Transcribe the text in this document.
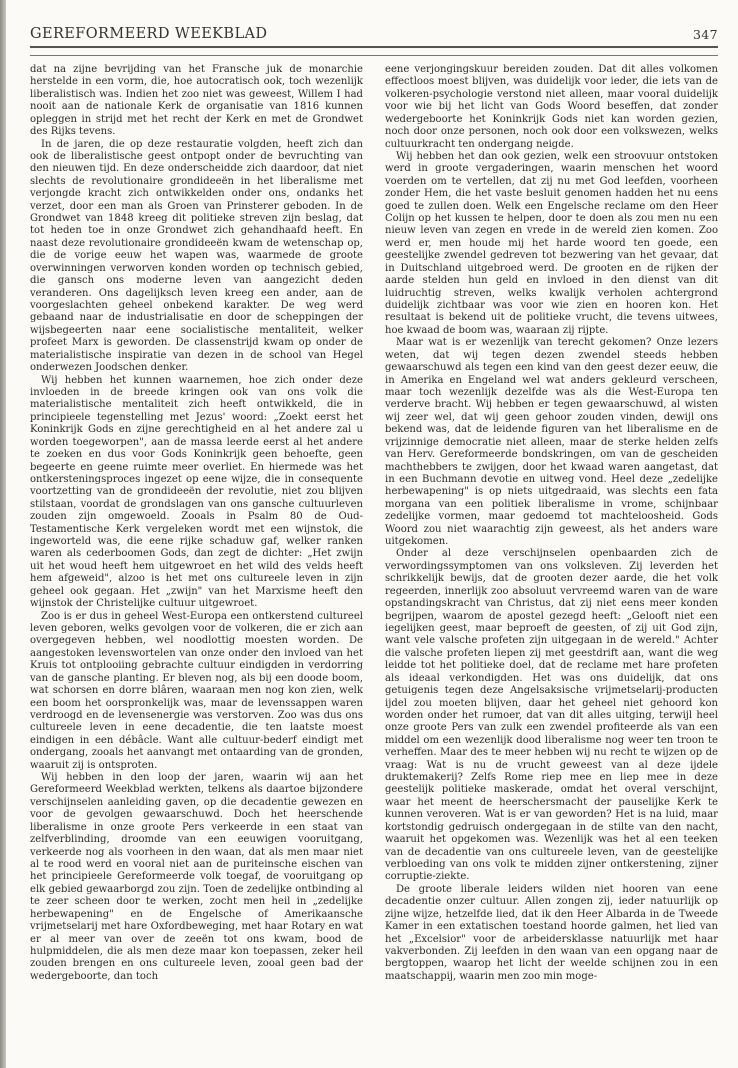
GEREFORMEERD WEEKBLAD	347

dat na zijne bevrijding van het Fransche juk de monarchie herstelde in een vorm, die, hoe autocratisch ook, toch wezenlijk liberalistisch was. Indien het zoo niet was geweest, Willem I had nooit aan de nationale Kerk de organisatie van 1816 kunnen opleggen in strijd met het recht der Kerk en met de Grondwet des Rijks tevens.

In de jaren, die op deze restauratie volgden, heeft zich dan ook de liberalistische geest ontpopt onder de bevruchting van den nieuwen tijd. En deze onderscheidde zich daardoor, dat niet slechts de revolutionaire grondideeën in het liberalisme met verjongde kracht zich ontwikkelden onder ons, ondanks het verzet, door een man als Groen van Prinsterer geboden. In de Grondwet van 1848 kreeg dit politieke streven zijn beslag, dat tot heden toe in onze Grondwet zich gehandhaafd heeft. En naast deze revolutionaire grondideeën kwam de wetenschap op, die de vorige eeuw het wapen was, waarmede de groote overwinningen verworven konden worden op technisch gebied, die gansch ons moderne leven van aangezicht deden veranderen. Ons dagelijksch leven kreeg een ander, aan de voorgeslachten geheel onbekend karakter. De weg werd gebaand naar de industrialisatie en door de scheppingen der wijsbegeerten naar eene socialistische mentaliteit, welker profeet Marx is geworden. De classenstrijd kwam op onder de materialistische inspiratie van dezen in de school van Hegel onderwezen Joodschen denker.

Wij hebben het kunnen waarnemen, hoe zich onder deze invloeden in de breede kringen ook van ons volk die materialistische mentaliteit zich heeft ontwikkeld, die in principieele tegenstelling met Jezus' woord: „Zoekt eerst het Koninkrijk Gods en zijne gerechtigheid en al het andere zal u worden toegeworpen", aan de massa leerde eerst al het andere te zoeken en dus voor Gods Koninkrijk geen behoefte, geen begeerte en geene ruimte meer overliet. En hiermede was het ontkersteningsproces ingezet op eene wijze, die in consequente voortzetting van de grondideeën der revolutie, niet zou blijven stilstaan, voordat de grondslagen van ons gansche cultuurleven zouden zijn omgewoeld. Zooals in Psalm 80 de Oud-Testamentische Kerk vergeleken wordt met een wijnstok, die ingeworteld was, die eene rijke schaduw gaf, welker ranken waren als cederboomen Gods, dan zegt de dichter: „Het zwijn uit het woud heeft hem uitgewroet en het wild des velds heeft hem afgeweid", alzoo is het met ons cultureele leven in zijn geheel ook gegaan. Het „zwijn" van het Marxisme heeft den wijnstok der Christelijke cultuur uitgewroet.

Zoo is er dus in geheel West-Europa een ontkerstend cultureel leven geboren, welks gevolgen voor de volkeren, die er zich aan overgegeven hebben, wel noodlottig moesten worden. De aangestoken levenswortelen van onze onder den invloed van het Kruis tot ontplooiing gebrachte cultuur eindigden in verdorring van de gansche planting. Er bleven nog, als bij een doode boom, wat schorsen en dorre blâren, waaraan men nog kon zien, welk een boom het oorspronkelijk was, maar de levenssappen waren verdroogd en de levensenergie was verstorven. Zoo was dus ons cultureele leven in eene decadentie, die ten laatste moest eindigen in een débâcle. Want alle cultuur-bederf eindigt met ondergang, zooals het aanvangt met ontaarding van de gronden, waaruit zij is ontsproten.

Wij hebben in den loop der jaren, waarin wij aan het Gereformeerd Weekblad werkten, telkens als daartoe bijzondere verschijnselen aanleiding gaven, op die decadentie gewezen en voor de gevolgen gewaarschuwd. Doch het heerschende liberalisme in onze groote Pers verkeerde in een staat van zelfverblinding, droomde van een eeuwigen vooruitgang, verkeerde nog als voorheen in den waan, dat als men maar niet al te rood werd en vooral niet aan de puriteinsche eischen van het principieele Gereformeerde volk toegaf, de vooruitgang op elk gebied gewaarborgd zou zijn. Toen de zedelijke ontbinding al te zeer scheen door te werken, zocht men heil in „zedelijke herbewapening" en de Engelsche of Amerikaansche vrijmetselarij met hare Oxfordbeweging, met haar Rotary en wat er al meer van over de zeeën tot ons kwam, bood de hulpmiddelen, die als men deze maar kon toepassen, zeker heil zouden brengen en ons cultureele leven, zooal geen bad der wedergeboorte, dan toch

eene verjongingskuur bereiden zouden. Dat dit alles volkomen effectloos moest blijven, was duidelijk voor ieder, die iets van de volkeren-psychologie verstond niet alleen, maar vooral duidelijk voor wie bij het licht van Gods Woord beseffen, dat zonder wedergeboorte het Koninkrijk Gods niet kan worden gezien, noch door onze personen, noch ook door een volkswezen, welks cultuurkracht ten ondergang neigde.

Wij hebben het dan ook gezien, welk een stroovuur ontstoken werd in groote vergaderingen, waarin menschen het woord voerden om te vertellen, dat zij nu met God leefden, voorheen zonder Hem, die het vaste besluit genomen hadden het nu eens goed te zullen doen. Welk een Engelsche reclame om den Heer Colijn op het kussen te helpen, door te doen als zou men nu een nieuw leven van zegen en vrede in de wereld zien komen. Zoo werd er, men houde mij het harde woord ten goede, een geestelijke zwendel gedreven tot bezwering van het gevaar, dat in Duitschland uitgebroed werd. De grooten en de rijken der aarde stelden hun geld en invloed in den dienst van dit luidruchtig streven, welks kwalijk verholen achtergrond duidelijk zichtbaar was voor wie zien en hooren kon. Het resultaat is bekend uit de politieke vrucht, die tevens uitwees, hoe kwaad de boom was, waaraan zij rijpte.

Maar wat is er wezenlijk van terecht gekomen? Onze lezers weten, dat wij tegen dezen zwendel steeds hebben gewaarschuwd als tegen een kind van den geest dezer eeuw, die in Amerika en Engeland wel wat anders gekleurd verscheen, maar toch wezenlijk dezelfde was als die West-Europa ten verderve bracht. Wij hebben er tegen gewaarschuwd, al wisten wij zeer wel, dat wij geen gehoor zouden vinden, dewijl ons bekend was, dat de leidende figuren van het liberalisme en de vrijzinnige democratie niet alleen, maar de sterke helden zelfs van Herv. Gereformeerde bondskringen, om van de gescheiden machthebbers te zwijgen, door het kwaad waren aangetast, dat in een Buchmann devotie en uitweg vond. Heel deze „zedelijke herbewapening" is op niets uitgedraaid, was slechts een fata morgana van een politiek liberalisme in vrome, schijnbaar zedelijke vormen, maar gedoemd tot machteloosheid. Gods Woord zou niet waarachtig zijn geweest, als het anders ware uitgekomen.

Onder al deze verschijnselen openbaarden zich de verwordingssymptomen van ons volksleven. Zij leverden het schrikkelijk bewijs, dat de grooten dezer aarde, die het volk regeerden, innerlijk zoo absoluut vervreemd waren van de ware opstandingskracht van Christus, dat zij niet eens meer konden begrijpen, waarom de apostel gezegd heeft: „Gelooft niet een iegelijken geest, maar beproeft de geesten, of zij uit God zijn, want vele valsche profeten zijn uitgegaan in de wereld." Achter die valsche profeten liepen zij met geestdrift aan, want die weg leidde tot het politieke doel, dat de reclame met hare profeten als ideaal verkondigden. Het was ons duidelijk, dat ons getuigenis tegen deze Angelsaksische vrijmetselarij-producten ijdel zou moeten blijven, daar het geheel niet gehoord kon worden onder het rumoer, dat van dit alles uitging, terwijl heel onze groote Pers van zulk een zwendel profiteerde als van een middel om een wezenlijk dood liberalisme nog weer ten troon te verheffen. Maar des te meer hebben wij nu recht te wijzen op de vraag: Wat is nu de vrucht geweest van al deze ijdele druktemakerij? Zelfs Rome riep mee en liep mee in deze geestelijk politieke maskerade, omdat het overal verschijnt, waar het meent de heerschersmacht der pauselijke Kerk te kunnen veroveren. Wat is er van geworden? Het is na luid, maar kortstondig gedruisch ondergegaan in de stilte van den nacht, waaruit het opgekomen was. Wezenlijk was het al een teeken van de decadentie van ons cultureele leven, van de geestelijke verbloeding van ons volk te midden zijner ontkerstening, zijner corruptie-ziekte.

De groote liberale leiders wilden niet hooren van eene decadentie onzer cultuur. Allen zongen zij, ieder natuurlijk op zijne wijze, hetzelfde lied, dat ik den Heer Albarda in de Tweede Kamer in een extatischen toestand hoorde galmen, het lied van het „Excelsior" voor de arbeidersklasse natuurlijk met haar vakverbonden. Zij leefden in den waan van een opgang naar de bergtoppen, waarop het licht der weelde schijnen zou in een maatschappij, waarin men zoo min moge-
